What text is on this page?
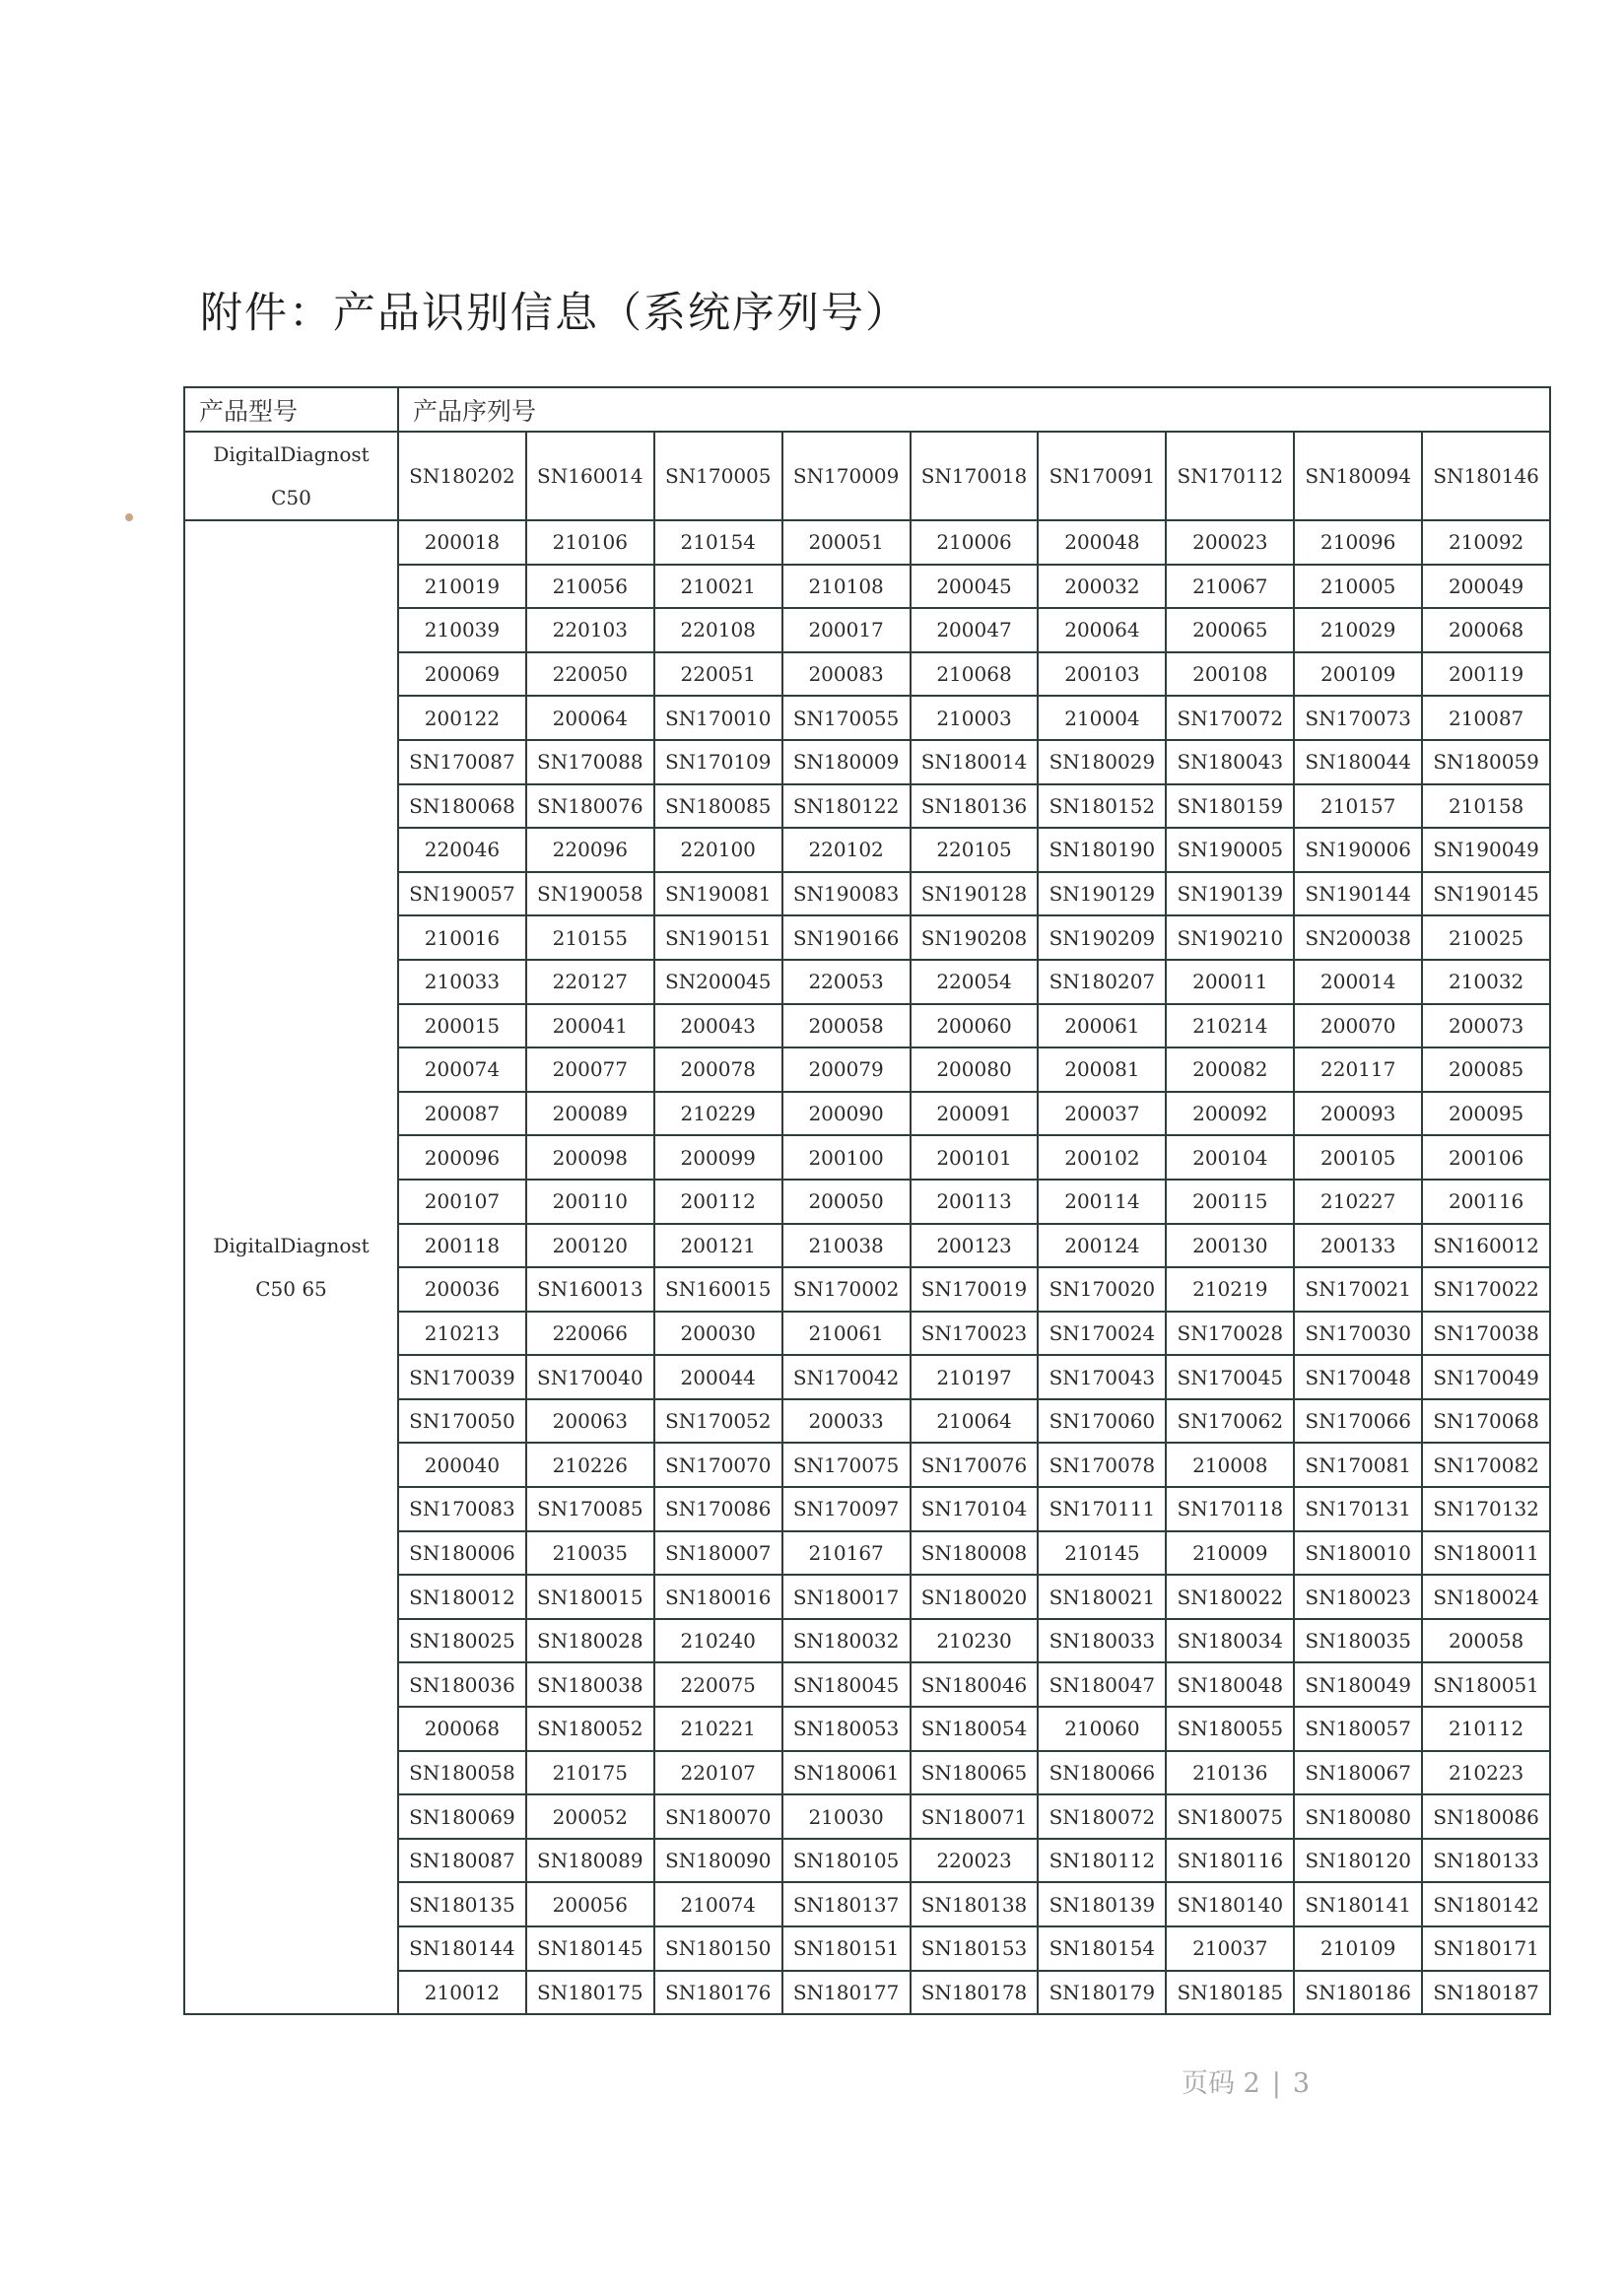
附件：产品识别信息（系统序列号）
产品型号	产品序列号								

DigitalDiagnost
C50	SN180202	SN160014	SN170005	SN170009	SN170018	SN170091	SN170112	SN180094	SN180146

DigitalDiagnost
C50 65	200018	210106	210154	200051	210006	200048	200023	210096	210092
	210019	210056	210021	210108	200045	200032	210067	210005	200049
	210039	220103	220108	200017	200047	200064	200065	210029	200068
	200069	220050	220051	200083	210068	200103	200108	200109	200119
	200122	200064	SN170010	SN170055	210003	210004	SN170072	SN170073	210087
	SN170087	SN170088	SN170109	SN180009	SN180014	SN180029	SN180043	SN180044	SN180059
	SN180068	SN180076	SN180085	SN180122	SN180136	SN180152	SN180159	210157	210158
	220046	220096	220100	220102	220105	SN180190	SN190005	SN190006	SN190049
	SN190057	SN190058	SN190081	SN190083	SN190128	SN190129	SN190139	SN190144	SN190145
	210016	210155	SN190151	SN190166	SN190208	SN190209	SN190210	SN200038	210025
	210033	220127	SN200045	220053	220054	SN180207	200011	200014	210032
	200015	200041	200043	200058	200060	200061	210214	200070	200073
	200074	200077	200078	200079	200080	200081	200082	220117	200085
	200087	200089	210229	200090	200091	200037	200092	200093	200095
	200096	200098	200099	200100	200101	200102	200104	200105	200106
	200107	200110	200112	200050	200113	200114	200115	210227	200116
	200118	200120	200121	210038	200123	200124	200130	200133	SN160012
	200036	SN160013	SN160015	SN170002	SN170019	SN170020	210219	SN170021	SN170022
	210213	220066	200030	210061	SN170023	SN170024	SN170028	SN170030	SN170038
	SN170039	SN170040	200044	SN170042	210197	SN170043	SN170045	SN170048	SN170049
	SN170050	200063	SN170052	200033	210064	SN170060	SN170062	SN170066	SN170068
	200040	210226	SN170070	SN170075	SN170076	SN170078	210008	SN170081	SN170082
	SN170083	SN170085	SN170086	SN170097	SN170104	SN170111	SN170118	SN170131	SN170132
	SN180006	210035	SN180007	210167	SN180008	210145	210009	SN180010	SN180011
	SN180012	SN180015	SN180016	SN180017	SN180020	SN180021	SN180022	SN180023	SN180024
	SN180025	SN180028	210240	SN180032	210230	SN180033	SN180034	SN180035	200058
	SN180036	SN180038	220075	SN180045	SN180046	SN180047	SN180048	SN180049	SN180051
	200068	SN180052	210221	SN180053	SN180054	210060	SN180055	SN180057	210112
	SN180058	210175	220107	SN180061	SN180065	SN180066	210136	SN180067	210223
	SN180069	200052	SN180070	210030	SN180071	SN180072	SN180075	SN180080	SN180086
	SN180087	SN180089	SN180090	SN180105	220023	SN180112	SN180116	SN180120	SN180133
	SN180135	200056	210074	SN180137	SN180138	SN180139	SN180140	SN180141	SN180142
	SN180144	SN180145	SN180150	SN180151	SN180153	SN180154	210037	210109	SN180171
	210012	SN180175	SN180176	SN180177	SN180178	SN180179	SN180185	SN180186	SN180187
页码 2 | 3
